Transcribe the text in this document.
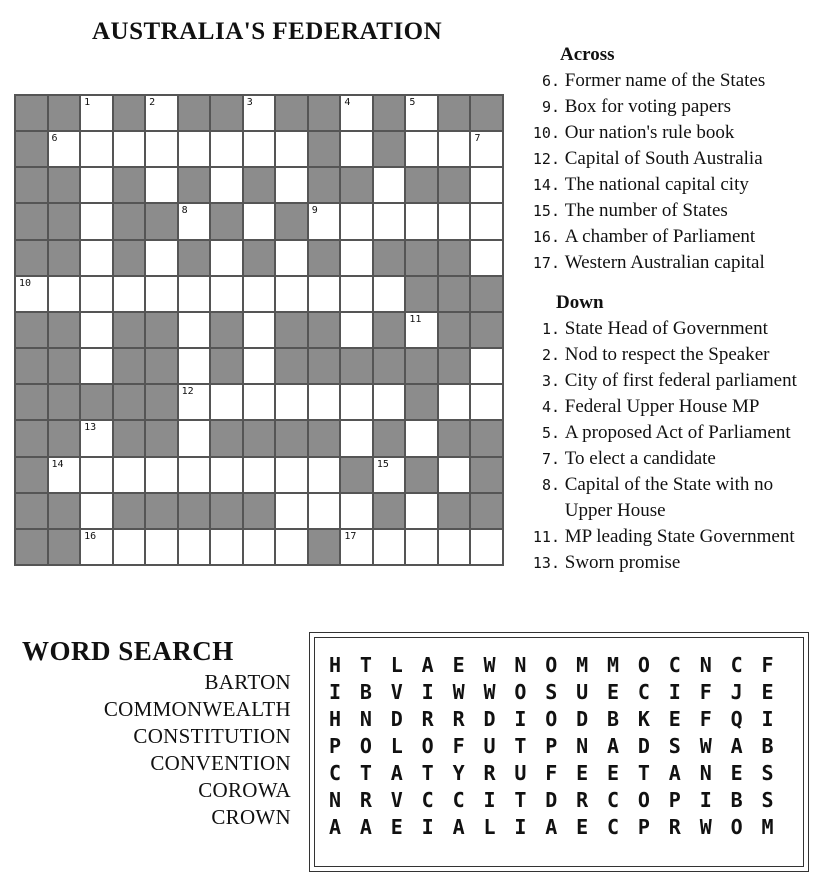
AUSTRALIA'S FEDERATION
1	2	3	4	5
6	7
8	9
10
11
12
13
14	15
16	17
Across
6. Former name of the States
9. Box for voting papers
10. Our nation's rule book
12. Capital of South Australia
14. The national capital city
15. The number of States
16. A chamber of Parliament
17. Western Australian capital
Down
1. State Head of Government
2. Nod to respect the Speaker
3. City of first federal parliament
4. Federal Upper House MP
5. A proposed Act of Parliament
7. To elect a candidate
8. Capital of the State with no
Upper House
11. MP leading State Government
13. Sworn promise
WORD SEARCH
BARTON
COMMONWEALTH
CONSTITUTION
CONVENTION
COROWA
CROWN
H T L A E W N O M M O C N C F
I B V I W W O S U E C I F J E
H N D R R D I O D B K E F Q I
P O L O F U T P N A D S W A B
C T A T Y R U F E E T A N E S
N R V C C I T D R C O P I B S
A A E I A L I A E C P R W O M
